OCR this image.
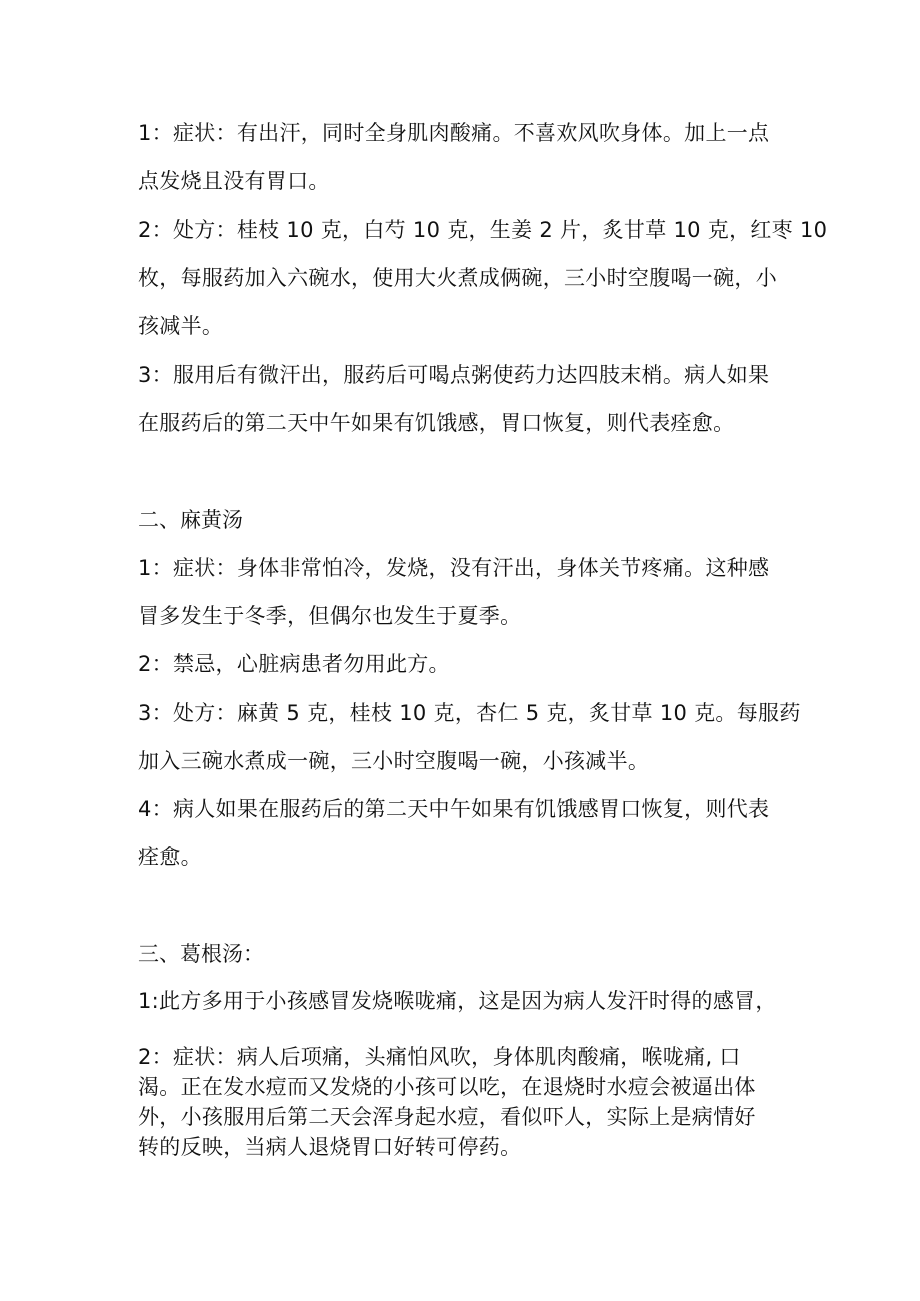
1：症状：有出汗，同时全身肌肉酸痛。不喜欢风吹身体。加上一点
点发烧且没有胃口。
2：处方：桂枝 10 克，白芍 10 克，生姜 2 片，炙甘草 10 克，红枣 10
枚，每服药加入六碗水，使用大火煮成俩碗，三小时空腹喝一碗，小
孩减半。
3：服用后有微汗出，服药后可喝点粥使药力达四肢末梢。病人如果
在服药后的第二天中午如果有饥饿感，胃口恢复，则代表痊愈。
二、麻黄汤
1：症状：身体非常怕冷，发烧，没有汗出，身体关节疼痛。这种感
冒多发生于冬季，但偶尔也发生于夏季。
2：禁忌，心脏病患者勿用此方。
3：处方：麻黄 5 克，桂枝 10 克，杏仁 5 克，炙甘草 10 克。每服药
加入三碗水煮成一碗，三小时空腹喝一碗，小孩减半。
4：病人如果在服药后的第二天中午如果有饥饿感胃口恢复，则代表
痊愈。
三、葛根汤：
1:此方多用于小孩感冒发烧喉咙痛，这是因为病人发汗时得的感冒，
2：症状：病人后项痛，头痛怕风吹，身体肌肉酸痛，喉咙痛, 口
渴。正在发水痘而又发烧的小孩可以吃，在退烧时水痘会被逼出体
外，小孩服用后第二天会浑身起水痘，看似吓人，实际上是病情好
转的反映，当病人退烧胃口好转可停药。
